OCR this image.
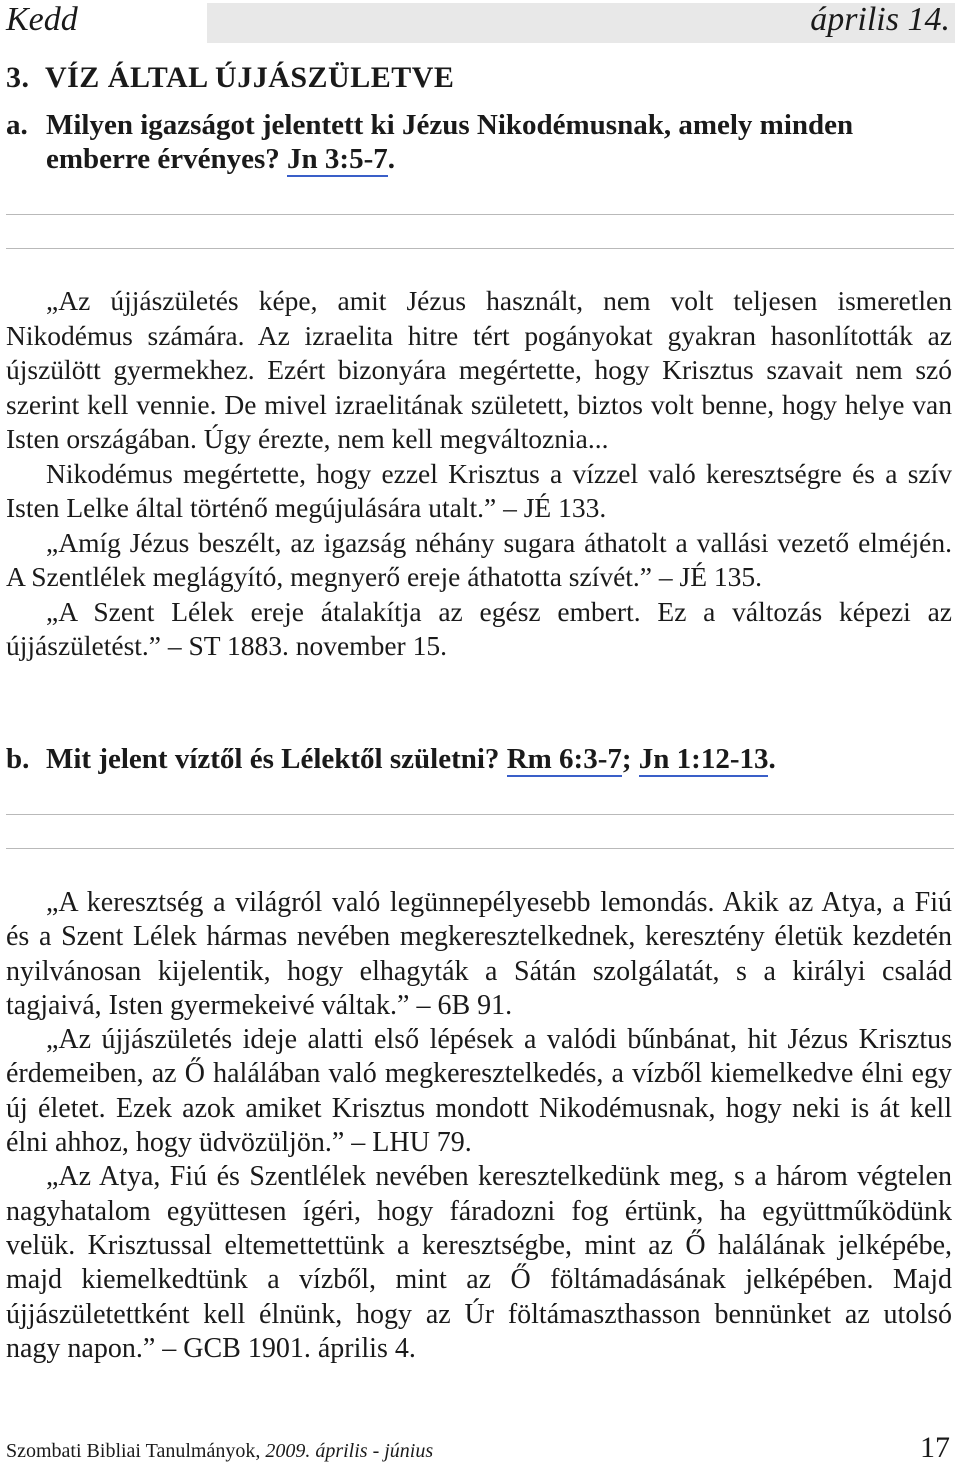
Kedd	április 14.
3.  VÍZ ÁLTAL ÚJJÁSZÜLETVE
a. Milyen igazságot jelentett ki Jézus Nikodémusnak, amely minden
emberre érvényes? Jn 3:5-7.

„Az újjászületés képe, amit Jézus használt, nem volt teljesen ismeretlen Nikodémus számára. Az izraelita hitre tért pogányokat gyakran hasonlították az újszülött gyermekhez. Ezért bizonyára megértette, hogy Krisztus szavait nem szó szerint kell vennie. De mivel izraelitának született, biztos volt benne, hogy helye van Isten országában. Úgy érezte, nem kell megváltoznia...

Nikodémus megértette, hogy ezzel Krisztus a vízzel való keresztségre és a szív Isten Lelke által történő megújulására utalt.” – JÉ 133.

„Amíg Jézus beszélt, az igazság néhány sugara áthatolt a vallási vezető elméjén. A Szentlélek meglágyító, megnyerő ereje áthatotta szívét.” – JÉ 135.

„A Szent Lélek ereje átalakítja az egész embert. Ez a változás képezi az újjászületést.” – ST 1883. november 15.

b. Mit jelent víztől és Lélektől születni? Rm 6:3-7; Jn 1:12-13.

„A keresztség a világról való legünnepélyesebb lemondás. Akik az Atya, a Fiú és a Szent Lélek hármas nevében megkeresztelkednek, keresztény életük kezdetén nyilvánosan kijelentik, hogy elhagyták a Sátán szolgálatát, s a királyi család tagjaivá, Isten gyermekeivé váltak.” – 6B 91.

„Az újjászületés ideje alatti első lépések a valódi bűnbánat, hit Jézus Krisztus érdemeiben, az Ő halálában való megkeresztelkedés, a vízből kiemelkedve élni egy új életet. Ezek azok amiket Krisztus mondott Nikodémusnak, hogy neki is át kell élni ahhoz, hogy üdvözüljön.” – LHU 79.

„Az Atya, Fiú és Szentlélek nevében keresztelkedünk meg, s a három végtelen nagyhatalom együttesen ígéri, hogy fáradozni fog értünk, ha együttműködünk velük. Krisztussal eltemettettünk a keresztségbe, mint az Ő halálának jelképébe, majd kiemelkedtünk a vízből, mint az Ő föltámadásának jelképében. Majd újjászületettként kell élnünk, hogy az Úr föltámaszthasson bennünket az utolsó nagy napon.” – GCB 1901. április 4.

Szombati Bibliai Tanulmányok, 2009. április - június	17
